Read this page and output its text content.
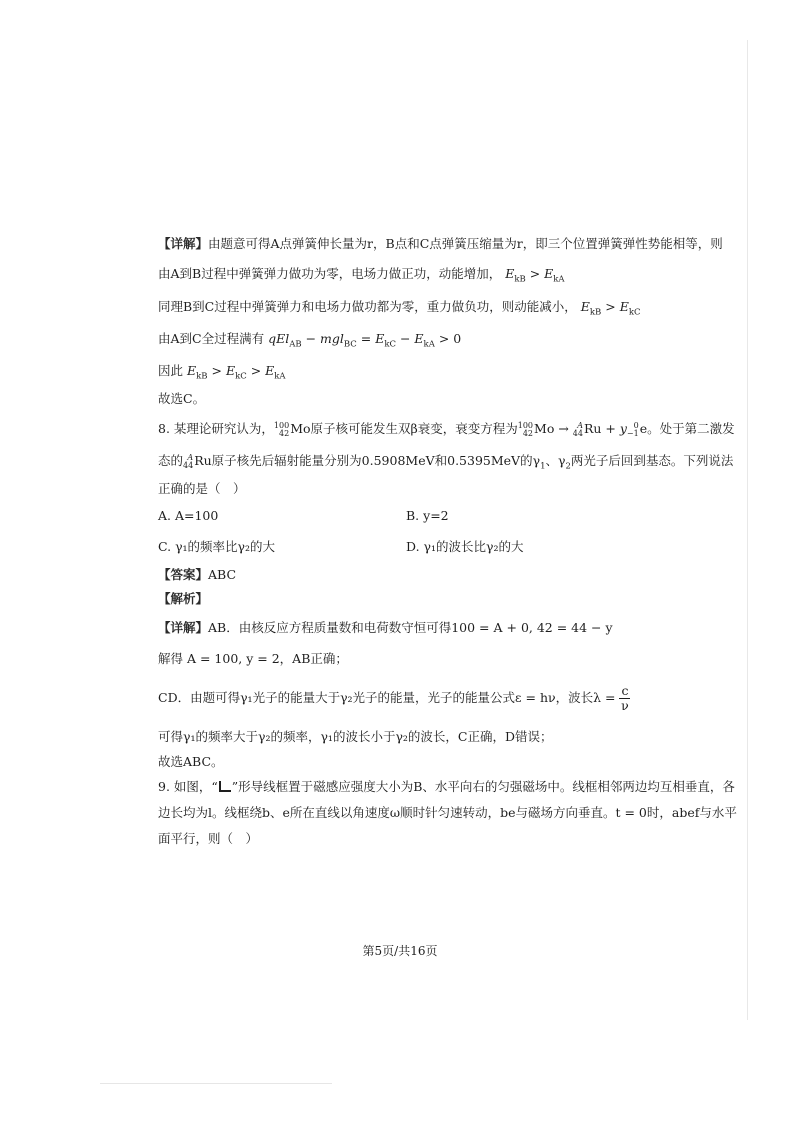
【详解】由题意可得A点弹簧伸长量为r，B点和C点弹簧压缩量为r，即三个位置弹簧弹性势能相等，则
由A到B过程中弹簧弹力做功为零，电场力做正功，动能增加， $E_{kB} > E_{kA}$
同理B到C过程中弹簧弹力和电场力做功都为零，重力做负功，则动能减小， $E_{kB} > E_{kC}$
由A到C全过程满有 $qEl_{AB} - mgl_{BC} = E_{kC} - E_{kA} > 0$
因此 $E_{kB} > E_{kC} > E_{kA}$
故选C。
8. 某理论研究认为，100
42Mo原子核可能发生双β衰变，衰变方程为100
42Mo → A
44Ru + y 0
−1e。处于第二激发
态的 A
44Ru原子核先后辐射能量分别为0.5908MeV和0.5395MeV的$\gamma_1$、$\gamma_2$两光子后回到基态。下列说法
正确的是（　）
A. A=100	B. y=2
C. γ₁的频率比γ₂的大	D. γ₁的波长比γ₂的大
【答案】ABC
【解析】
【详解】AB．由核反应方程质量数和电荷数守恒可得100 = A + 0, 42 = 44 − y
解得 A = 100, y = 2，AB正确；
CD．由题可得γ₁光子的能量大于γ₂光子的能量，光子的能量公式ε = hν，波长$\lambda = \frac{c}{\nu}$
可得γ₁的频率大于γ₂的频率，γ₁的波长小于γ₂的波长，C正确，D错误；
故选ABC。
9. 如图，“ ”形导线框置于磁感应强度大小为B、水平向右的匀强磁场中。线框相邻两边均互相垂直，各
边长均为l。线框绕b、e所在直线以角速度ω顺时针匀速转动，be与磁场方向垂直。t = 0时，abef与水平
面平行，则（　）
第5页/共16页
